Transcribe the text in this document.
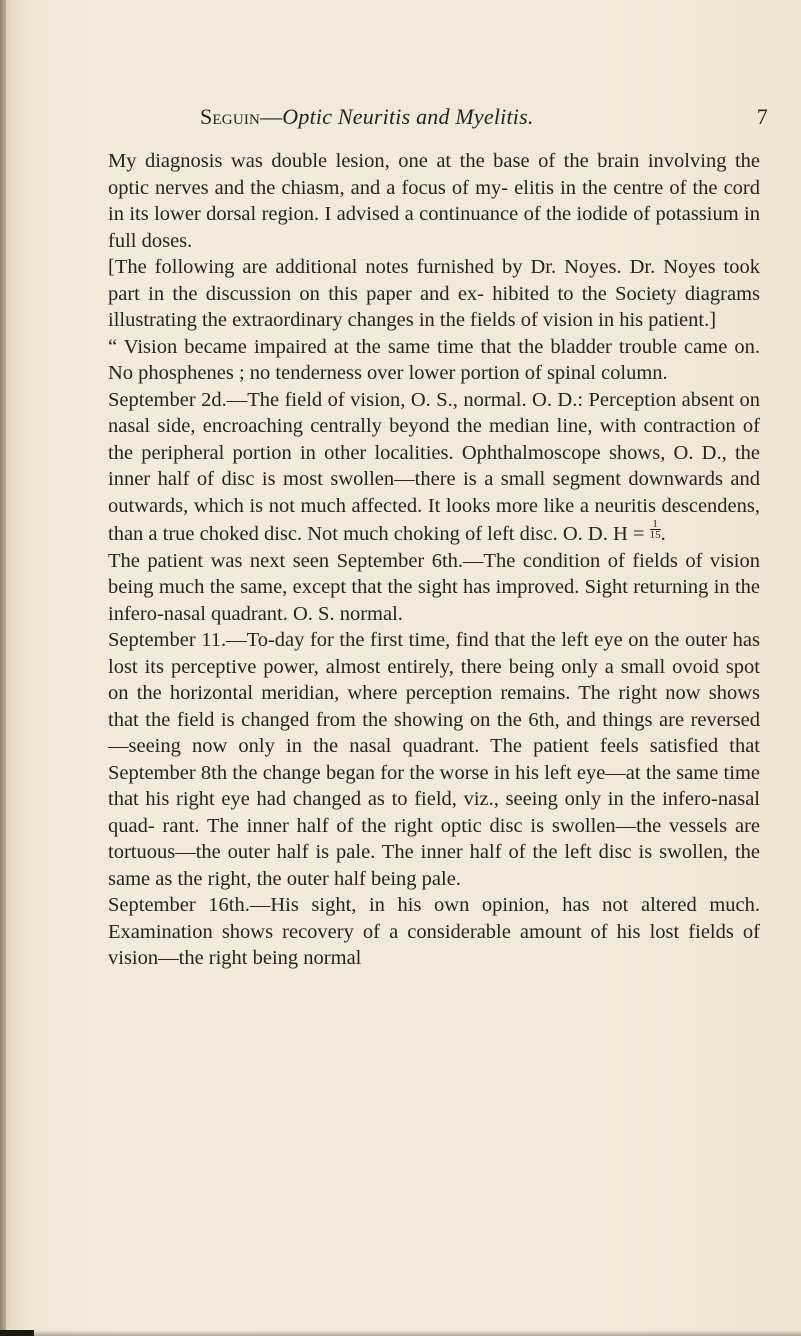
Seguin—Optic Neuritis and Myelitis.	7

My diagnosis was double lesion, one at the base of the brain involving the optic nerves and the chiasm, and a focus of my- elitis in the centre of the cord in its lower dorsal region. I advised a continuance of the iodide of potassium in full doses.

[The following are additional notes furnished by Dr. Noyes. Dr. Noyes took part in the discussion on this paper and ex- hibited to the Society diagrams illustrating the extraordinary changes in the fields of vision in his patient.]

“ Vision became impaired at the same time that the bladder trouble came on. No phosphenes ; no tenderness over lower portion of spinal column.

September 2d.—The field of vision, O. S., normal. O. D.: Perception absent on nasal side, encroaching centrally beyond the median line, with contraction of the peripheral portion in other localities. Ophthalmoscope shows, O. D., the inner half of disc is most swollen—there is a small segment downwards and outwards, which is not much affected. It looks more like a neuritis descendens, than a true choked disc. Not much choking of left disc. O. D. $H = \frac{1}{15}$ .

The patient was next seen September 6th.—The condition of fields of vision being much the same, except that the sight has improved. Sight returning in the infero-nasal quadrant. O. S. normal.

September 11.—To-day for the first time, find that the left eye on the outer has lost its perceptive power, almost entirely, there being only a small ovoid spot on the horizontal meridian, where perception remains. The right now shows that the field is changed from the showing on the 6th, and things are reversed—seeing now only in the nasal quadrant. The patient feels satisfied that September 8th the change began for the worse in his left eye—at the same time that his right eye had changed as to field, viz., seeing only in the infero-nasal quad- rant. The inner half of the right optic disc is swollen—the vessels are tortuous—the outer half is pale. The inner half of the left disc is swollen, the same as the right, the outer half being pale.

September 16th.—His sight, in his own opinion, has not altered much. Examination shows recovery of a considerable amount of his lost fields of vision—the right being normal
